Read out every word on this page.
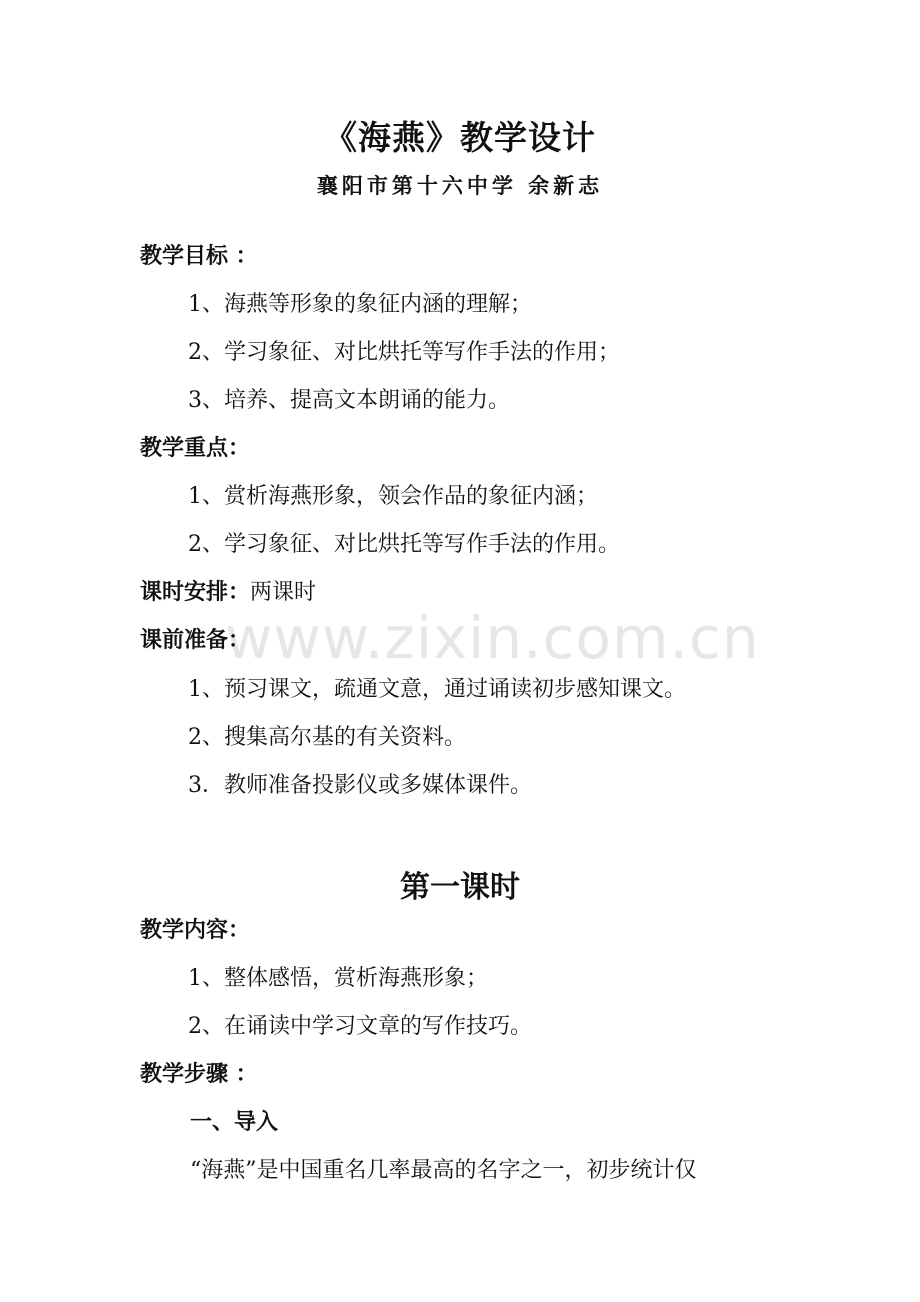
www.zixin.com.cn
《海燕》教学设计
襄阳市第十六中学 余新志
教学目标 ：
1、海燕等形象的象征内涵的理解；
2、学习象征、对比烘托等写作手法的作用；
3、培养、提高文本朗诵的能力。
教学重点：
1、赏析海燕形象，领会作品的象征内涵；
2、学习象征、对比烘托等写作手法的作用。
课时安排：两课时
课前准备：
1、预习课文，疏通文意，通过诵读初步感知课文。
2、搜集高尔基的有关资料。
3．教师准备投影仪或多媒体课件。
第一课时
教学内容：
1、整体感悟，赏析海燕形象；
2、在诵读中学习文章的写作技巧。
教学步骤 ：
一、导入
“海燕”是中国重名几率最高的名字之一，初步统计仅
